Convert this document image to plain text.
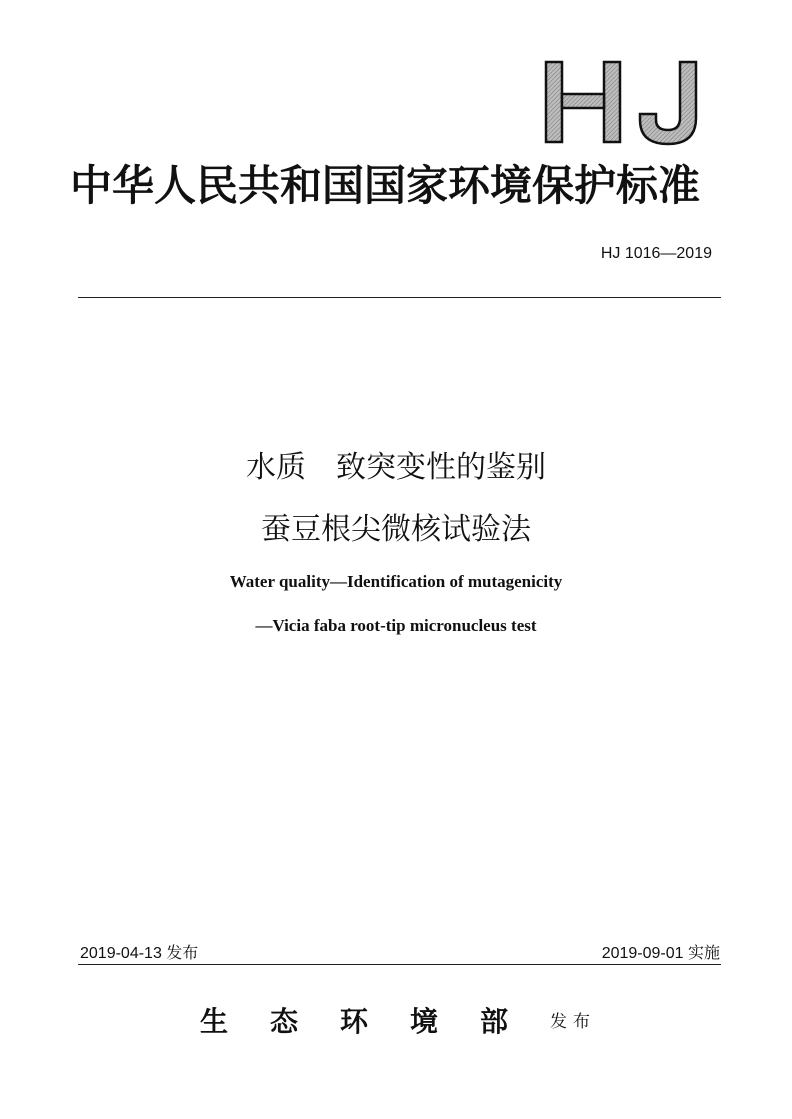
中华人民共和国国家环境保护标准
HJ 1016—2019
水质　致突变性的鉴别
蚕豆根尖微核试验法
Water quality—Identification of mutagenicity
—Vicia faba root-tip micronucleus test
2019-04-13 发布	2019-09-01 实施
生态环境部发布
